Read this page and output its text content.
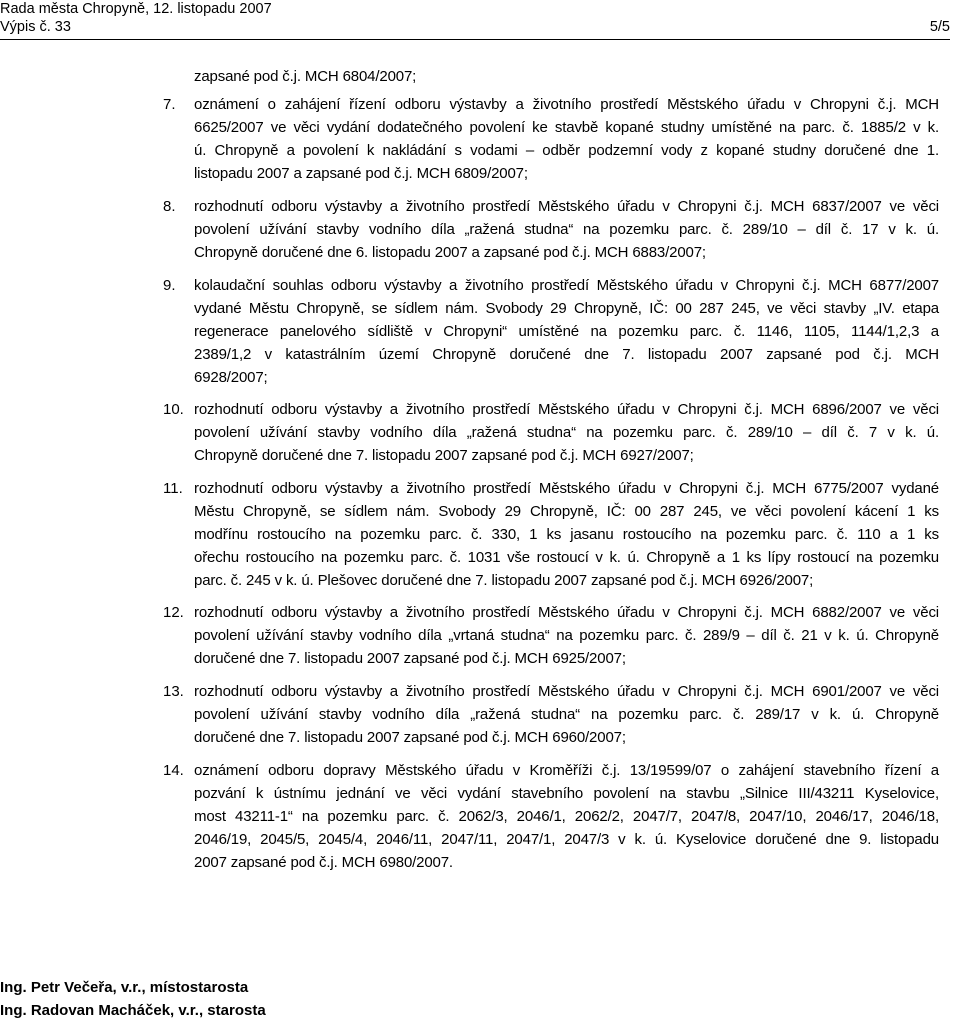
Rada města Chropyně, 12. listopadu 2007
Výpis č. 33	5/5
7.
8.
9.
10.
11.
12.
13.
14.
zapsané pod č.j. MCH 6804/2007;
oznámení o zahájení řízení odboru výstavby a životního prostředí Městského úřadu v Chropyni č.j. MCH
6625/2007 ve věci vydání dodatečného povolení ke stavbě kopané studny umístěné na parc. č. 1885/2 v k.
ú. Chropyně a povolení k nakládání s vodami – odběr podzemní vody z kopané studny doručené dne 1.
listopadu 2007 a zapsané pod č.j. MCH 6809/2007;
rozhodnutí odboru výstavby a životního prostředí Městského úřadu v Chropyni č.j. MCH 6837/2007 ve věci
povolení užívání stavby vodního díla „ražená studna“ na pozemku parc. č. 289/10 – díl č. 17 v k. ú.
Chropyně doručené dne 6. listopadu 2007 a zapsané pod č.j. MCH 6883/2007;
kolaudační souhlas odboru výstavby a životního prostředí Městského úřadu v Chropyni č.j. MCH 6877/2007
vydané Městu Chropyně, se sídlem nám. Svobody 29 Chropyně, IČ: 00 287 245, ve věci stavby „IV. etapa
regenerace panelového sídliště v Chropyni“ umístěné na pozemku parc. č. 1146, 1105, 1144/1,2,3 a
2389/1,2 v katastrálním území Chropyně doručené dne 7. listopadu 2007 zapsané pod č.j. MCH
6928/2007;
rozhodnutí odboru výstavby a životního prostředí Městského úřadu v Chropyni č.j. MCH 6896/2007 ve věci
povolení užívání stavby vodního díla „ražená studna“ na pozemku parc. č. 289/10 – díl č. 7 v k. ú.
Chropyně doručené dne 7. listopadu 2007 zapsané pod č.j. MCH 6927/2007;
rozhodnutí odboru výstavby a životního prostředí Městského úřadu v Chropyni č.j. MCH 6775/2007 vydané
Městu Chropyně, se sídlem nám. Svobody 29 Chropyně, IČ: 00 287 245, ve věci povolení kácení 1 ks
modřínu rostoucího na pozemku parc. č. 330, 1 ks jasanu rostoucího na pozemku parc. č. 110 a 1 ks
ořechu rostoucího na pozemku parc. č. 1031 vše rostoucí v k. ú. Chropyně a 1 ks lípy rostoucí na pozemku
parc. č. 245 v k. ú. Plešovec doručené dne 7. listopadu 2007 zapsané pod č.j. MCH 6926/2007;
rozhodnutí odboru výstavby a životního prostředí Městského úřadu v Chropyni č.j. MCH 6882/2007 ve věci
povolení užívání stavby vodního díla „vrtaná studna“ na pozemku parc. č. 289/9 – díl č. 21 v k. ú. Chropyně
doručené dne 7. listopadu 2007 zapsané pod č.j. MCH 6925/2007;
rozhodnutí odboru výstavby a životního prostředí Městského úřadu v Chropyni č.j. MCH 6901/2007 ve věci
povolení užívání stavby vodního díla „ražená studna“ na pozemku parc. č. 289/17 v k. ú. Chropyně
doručené dne 7. listopadu 2007 zapsané pod č.j. MCH 6960/2007;
oznámení odboru dopravy Městského úřadu v Kroměříži č.j. 13/19599/07 o zahájení stavebního řízení a
pozvání k ústnímu jednání ve věci vydání stavebního povolení na stavbu „Silnice III/43211 Kyselovice,
most 43211-1“ na pozemku parc. č. 2062/3, 2046/1, 2062/2, 2047/7, 2047/8, 2047/10, 2046/17, 2046/18,
2046/19, 2045/5, 2045/4, 2046/11, 2047/11, 2047/1, 2047/3 v k. ú. Kyselovice doručené dne 9. listopadu
2007 zapsané pod č.j. MCH 6980/2007.
Ing. Petr Večeřa, v.r., místostarosta
Ing. Radovan Macháček, v.r., starosta
